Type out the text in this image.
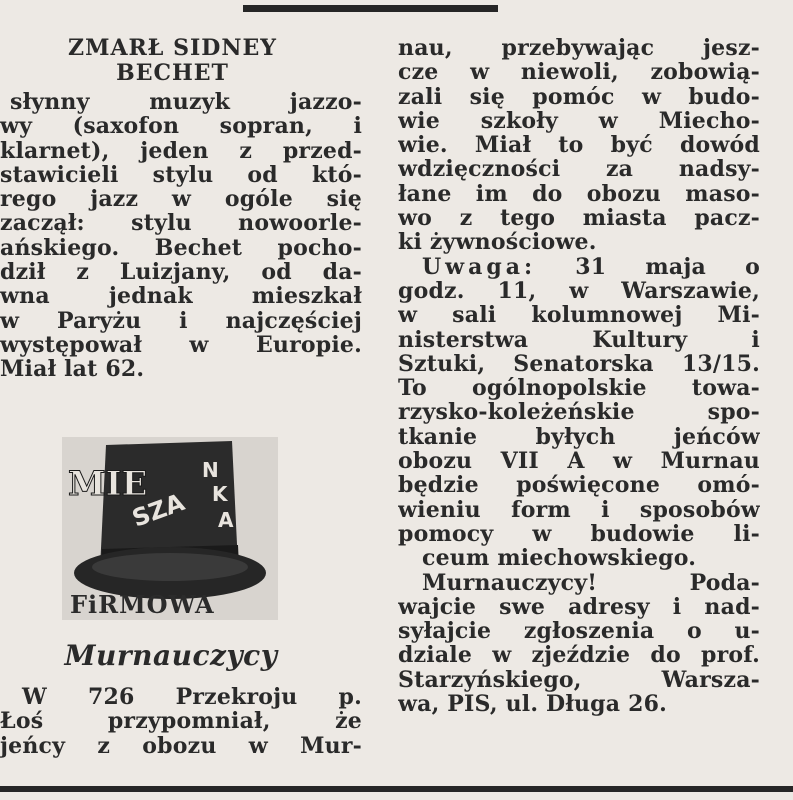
ZMARŁ SIDNEY
BECHET
słynny muzyk jazzo-
wy (saxofon sopran, i
klarnet), jeden z przed-
stawicieli stylu od któ-
rego jazz w ogóle się
zaczął: stylu nowoorle-
ańskiego. Bechet pocho-
dził z Luizjany, od da-
wna jednak mieszkał
w Paryżu i najczęściej
występował w Europie.
Miał lat 62.
MIE
SZA
N
K
A
FiRMOWA
Murnauczycy
W 726 Przekroju p.
Łoś przypomniał, że
jeńcy z obozu w Mur-
nau, przebywając jesz-
cze w niewoli, zobowią-
zali się pomóc w budo-
wie szkoły w Miecho-
wie. Miał to być dowód
wdzięczności za nadsy-
łane im do obozu maso-
wo z tego miasta pacz-
ki żywnościowe.
Uwaga: 31 maja o
godz. 11, w Warszawie,
w sali kolumnowej Mi-
nisterstwa Kultury i
Sztuki, Senatorska 13/15.
To ogólnopolskie towa-
rzysko-koleżeńskie spo-
tkanie byłych jeńców
obozu VII A w Murnau
będzie poświęcone omó-
wieniu form i sposobów
pomocy w budowie li-
ceum miechowskiego.
Murnauczycy! Poda-
wajcie swe adresy i nad-
syłajcie zgłoszenia o u-
dziale w zjeździe do prof.
Starzyńskiego, Warsza-
wa, PIS, ul. Długa 26.
